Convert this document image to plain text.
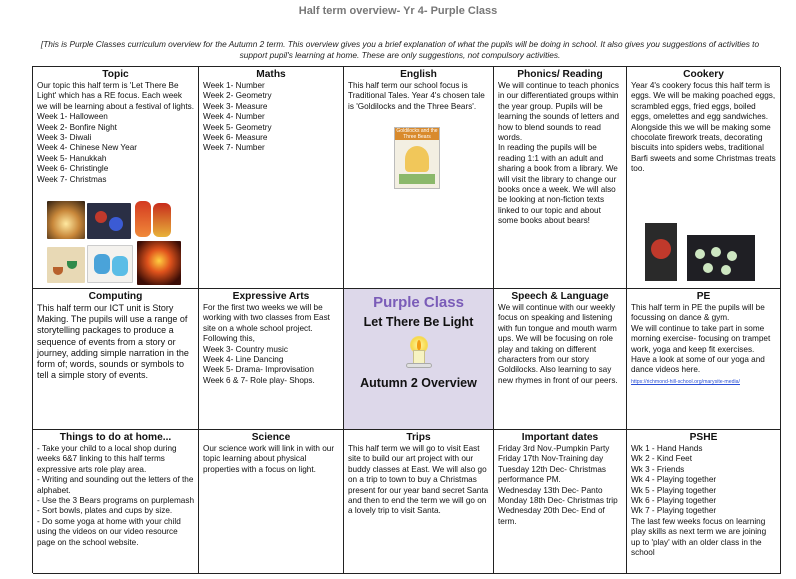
Half term overview- Yr 4- Purple Class
[This is Purple Classes curriculum overview for the Autumn 2 term. This overview gives you a brief explanation of what the pupils will be doing in school. It also gives you suggestions of activities to support pupil's learning at home. These are only suggestions, not compulsory activities.
Topic

Our topic this half term is 'Let There Be Light' which has a RE focus. Each week we will be learning about a festival of lights.

Week 1- Halloween

Week 2- Bonfire Night

Week 3- Diwali

Week 4- Chinese New Year

Week 5- Hanukkah

Week 6- Christingle

Week 7- Christmas

Maths

Week 1- Number

Week 2- Geometry

Week 3- Measure

Week 4- Number

Week 5- Geometry

Week 6- Measure

Week 7- Number

English

This half term our school focus is Traditional Tales. Year 4's chosen tale is 'Goldilocks and the Three Bears'.

Goldilocks and the Three Bears
Phonics/ Reading

We will continue to teach phonics in our differentiated groups within the year group. Pupils will be learning the sounds of letters and how to blend sounds to read words.

In reading the pupils will be reading 1:1 with an adult and sharing a book from a library. We will visit the library to change our books once a week. We will also be looking at non-fiction texts linked to our topic and about some books about bears!

Cookery

Year 4's cookery focus this half term is eggs. We will be making poached eggs, scrambled eggs, fried eggs, boiled eggs, omelettes and egg sandwiches. Alongside this we will be making some chocolate firework treats, decorating biscuits into spiders webs, traditional Barfi sweets and some Christmas treats too.

Computing

This half term our ICT unit is Story Making. The pupils will use a range of storytelling packages to produce a sequence of events from a story or journey, adding simple narration in the form of; words, sounds or symbols to tell a simple story of events.

Expressive Arts

For the first two weeks we will be working with two classes from East site on a whole school project.

Following this,

Week 3- Country music

Week 4- Line Dancing

Week 5- Drama- Improvisation

Week 6 & 7- Role play- Shops.

Purple Class
Let There Be Light
Autumn 2 Overview
Speech & Language

We will continue with our weekly focus on speaking and listening with fun tongue and mouth warm ups. We will be focusing on role play and taking on different characters from our story Goldilocks. Also learning to say new rhymes in front of our peers.

PE

This half term in PE the pupils will be focussing on dance & gym.

We will continue to take part in some morning exercise- focusing on trampet work, yoga and keep fit exercises.

Have a look at some of our yoga and dance videos here.

https://richmond-hill-school.org/marysite-media/

Things to do at home...

- Take your child to a local shop during weeks 6&7 linking to this half terms expressive arts role play area.

- Writing and sounding out the letters of the alphabet.

- Use the 3 Bears programs on purplemash

- Sort bowls, plates and cups by size.

- Do some yoga at home with your child using the videos on our video resource page on the school website.

Science

Our science work will link in with our topic learning about physical properties with a focus on light.

Trips

This half term we will go to visit East site to build our art project with our buddy classes at East. We will also go on a trip to town to buy a Christmas present for our year band secret Santa and then to end the term we will go on a lovely trip to visit Santa.

Important dates

Friday 3rd Nov.-Pumpkin Party

Friday 17th Nov-Training day

Tuesday 12th Dec- Christmas performance PM.

Wednesday 13th Dec- Panto

Monday 18th Dec- Christmas trip

Wednesday 20th Dec- End of term.

PSHE

Wk 1 - Hand Hands

Wk 2 - Kind Feet

Wk 3 - Friends

Wk 4 - Playing together

Wk 5 - Playing together

Wk 6 - Playing together

Wk 7 - Playing together

The last few weeks focus on learning play skills as next term we are joining up to 'play' with an older class in the school
